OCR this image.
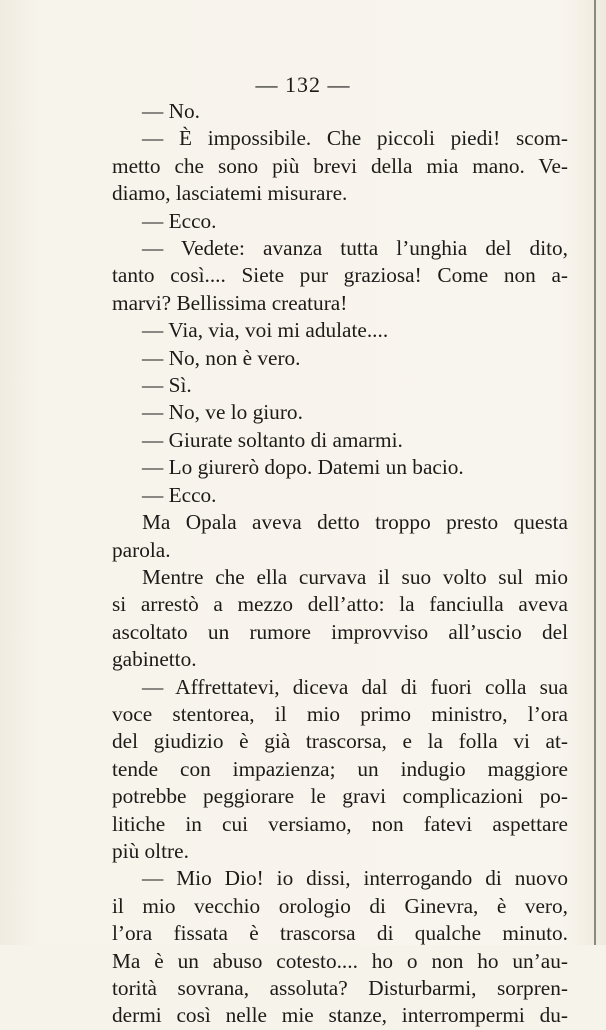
— 132 —
— No.
— È impossibile. Che piccoli piedi! scom-
metto che sono più brevi della mia mano. Ve-
diamo, lasciatemi misurare.
— Ecco.
— Vedete: avanza tutta l’unghia del dito,
tanto così.... Siete pur graziosa! Come non a-
marvi? Bellissima creatura!
— Via, via, voi mi adulate....
— No, non è vero.
— Sì.
— No, ve lo giuro.
— Giurate soltanto di amarmi.
— Lo giurerò dopo. Datemi un bacio.
— Ecco.
Ma Opala aveva detto troppo presto questa
parola.
Mentre che ella curvava il suo volto sul mio
si arrestò a mezzo dell’atto: la fanciulla aveva
ascoltato un rumore improvviso all’uscio del
gabinetto.
— Affrettatevi, diceva dal di fuori colla sua
voce stentorea, il mio primo ministro, l’ora
del giudizio è già trascorsa, e la folla vi at-
tende con impazienza; un indugio maggiore
potrebbe peggiorare le gravi complicazioni po-
litiche in cui versiamo, non fatevi aspettare
più oltre.
— Mio Dio! io dissi, interrogando di nuovo
il mio vecchio orologio di Ginevra, è vero,
l’ora fissata è trascorsa di qualche minuto.
Ma è un abuso cotesto.... ho o non ho un’au-
torità sovrana, assoluta? Disturbarmi, sorpren-
dermi così nelle mie stanze, interrompermi du-
